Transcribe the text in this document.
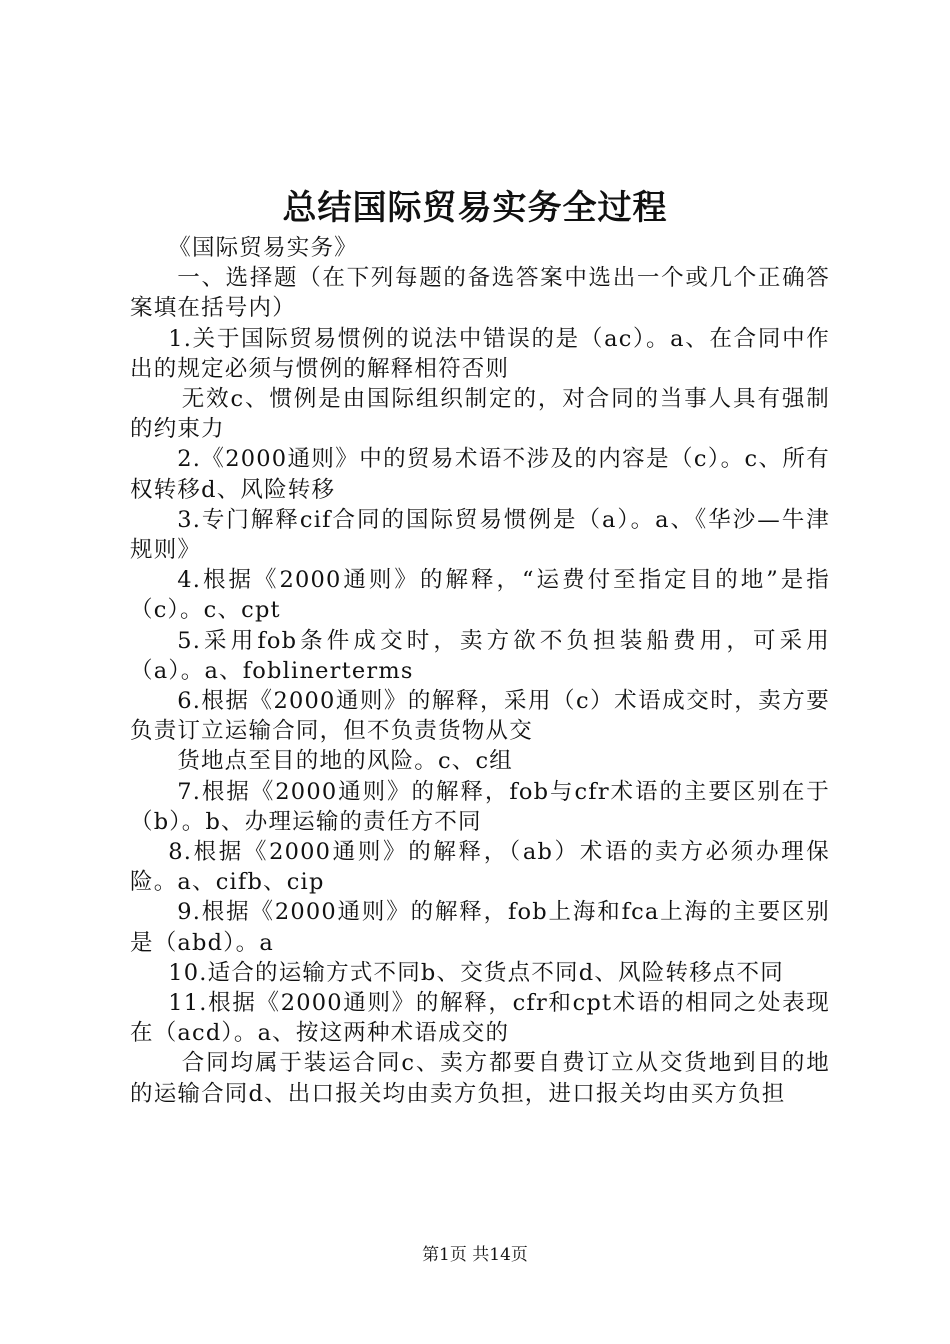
总结国际贸易实务全过程

《国际贸易实务》

一、选择题（在下列每题的备选答案中选出一个或几个正确答案填在括号内）

1.关于国际贸易惯例的说法中错误的是（ac）。a、在合同中作出的规定必须与惯例的解释相符否则

无效c、惯例是由国际组织制定的，对合同的当事人具有强制的约束力

2.《2000通则》中的贸易术语不涉及的内容是（c）。c、所有权转移d、风险转移

3.专门解释cif合同的国际贸易惯例是（a）。a、《华沙—牛津规则》

4.根据《2000通则》的解释，“运费付至指定目的地”是指（c）。c、cpt

5.采用fob条件成交时，卖方欲不负担装船费用，可采用（a）。a、foblinerterms

6.根据《2000通则》的解释，采用（c）术语成交时，卖方要负责订立运输合同，但不负责货物从交

货地点至目的地的风险。c、c组

7.根据《2000通则》的解释，fob与cfr术语的主要区别在于（b）。b、办理运输的责任方不同

8.根据《2000通则》的解释，（ab）术语的卖方必须办理保险。a、cifb、cip

9.根据《2000通则》的解释，fob上海和fca上海的主要区别是（abd）。a

10.适合的运输方式不同b、交货点不同d、风险转移点不同

11.根据《2000通则》的解释，cfr和cpt术语的相同之处表现在（acd）。a、按这两种术语成交的

合同均属于装运合同c、卖方都要自费订立从交货地到目的地的运输合同d、出口报关均由卖方负担，进口报关均由买方负担

第1页 共14页
